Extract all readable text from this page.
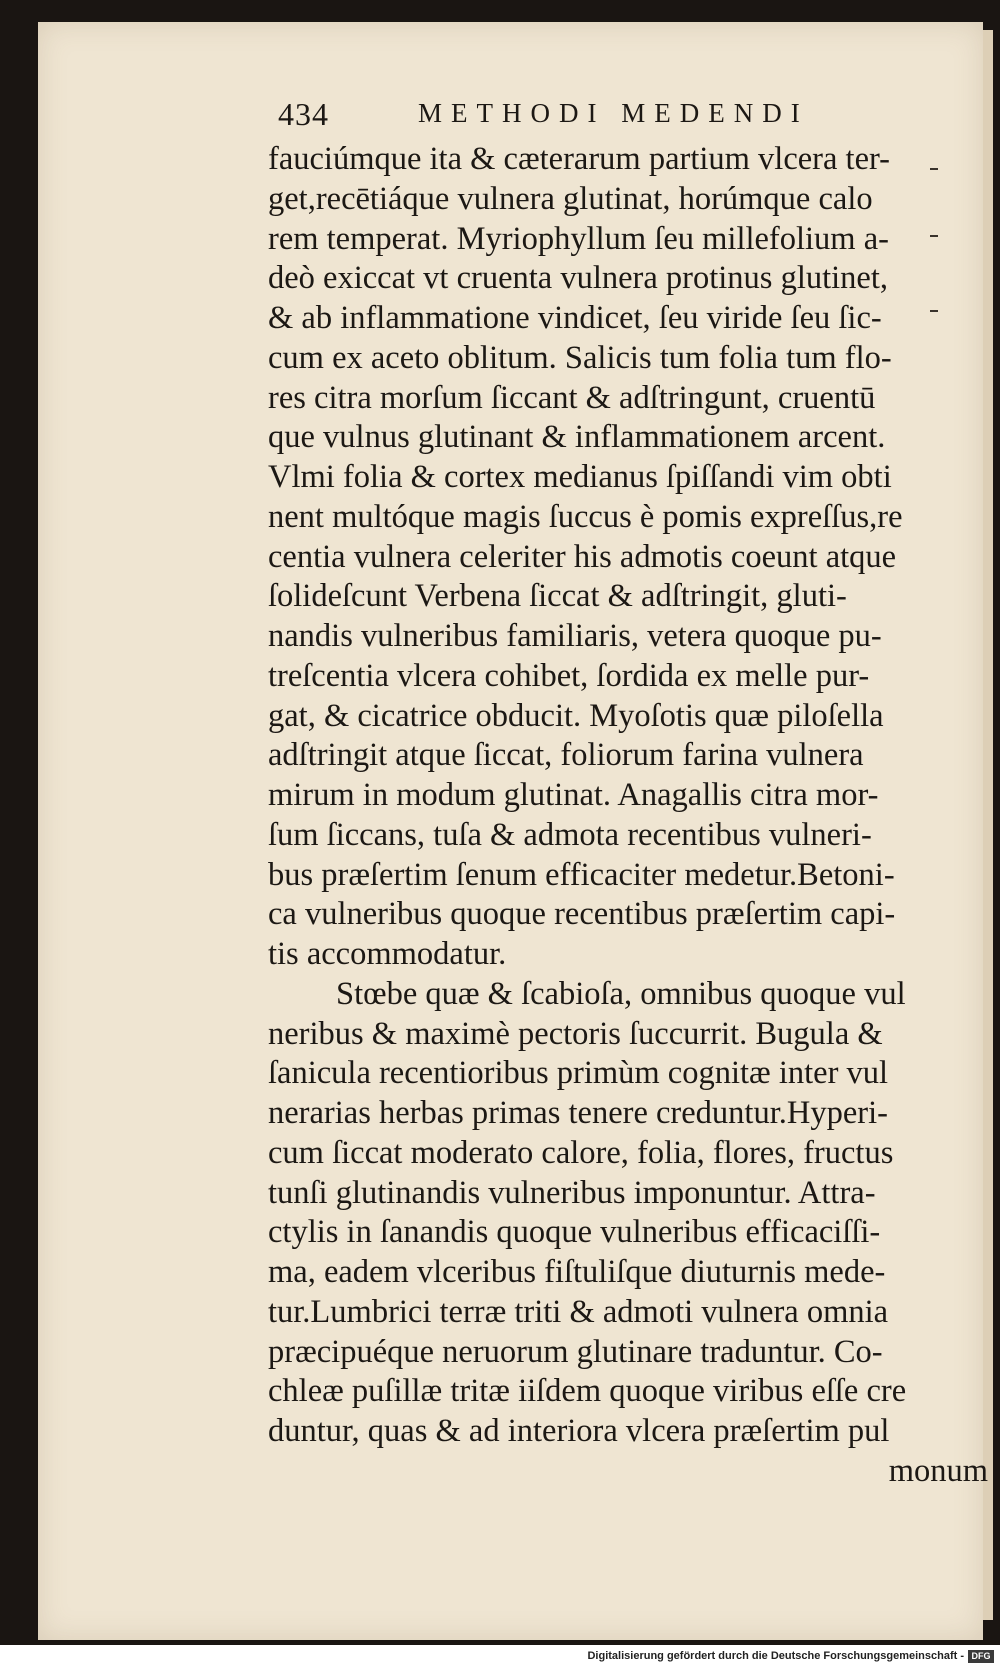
434	METHODI MEDENDI
fauciúmque ita & cæterarum partium vlcera ter-
get,recētiáque vulnera glutinat, horúmque calo
rem temperat. Myriophyllum ſeu millefolium a-
deò exiccat vt cruenta vulnera protinus glutinet,
& ab inflammatione vindicet, ſeu viride ſeu ſic-
cum ex aceto oblitum. Salicis tum folia tum flo-
res citra morſum ſiccant & adſtringunt, cruentū
que vulnus glutinant & inflammationem arcent.
Vlmi folia & cortex medianus ſpiſſandi vim obti
nent multóque magis ſuccus è pomis expreſſus,re
centia vulnera celeriter his admotis coeunt atque
ſolideſcunt Verbena ſiccat & adſtringit, gluti-
nandis vulneribus familiaris, vetera quoque pu-
treſcentia vlcera cohibet, ſordida ex melle pur-
gat, & cicatrice obducit. Myoſotis quæ piloſella
adſtringit atque ſiccat, foliorum farina vulnera
mirum in modum glutinat. Anagallis citra mor-
ſum ſiccans, tuſa & admota recentibus vulneri-
bus præſertim ſenum efficaciter medetur.Betoni-
ca vulneribus quoque recentibus præſertim capi-
tis accommodatur.
Stœbe quæ & ſcabioſa, omnibus quoque vul
neribus & maximè pectoris ſuccurrit. Bugula &
ſanicula recentioribus primùm cognitæ inter vul
nerarias herbas primas tenere creduntur.Hyperi-
cum ſiccat moderato calore, folia, flores, fructus
tunſi glutinandis vulneribus imponuntur. Attra-
ctylis in ſanandis quoque vulneribus efficaciſſi-
ma, eadem vlceribus fiſtuliſque diuturnis mede-
tur.Lumbrici terræ triti & admoti vulnera omnia
præcipuéque neruorum glutinare traduntur. Co-
chleæ puſillæ tritæ iiſdem quoque viribus eſſe cre
duntur, quas & ad interiora vlcera præſertim pul
monum
Digitalisierung gefördert durch die Deutsche Forschungsgemeinschaft - DFG
